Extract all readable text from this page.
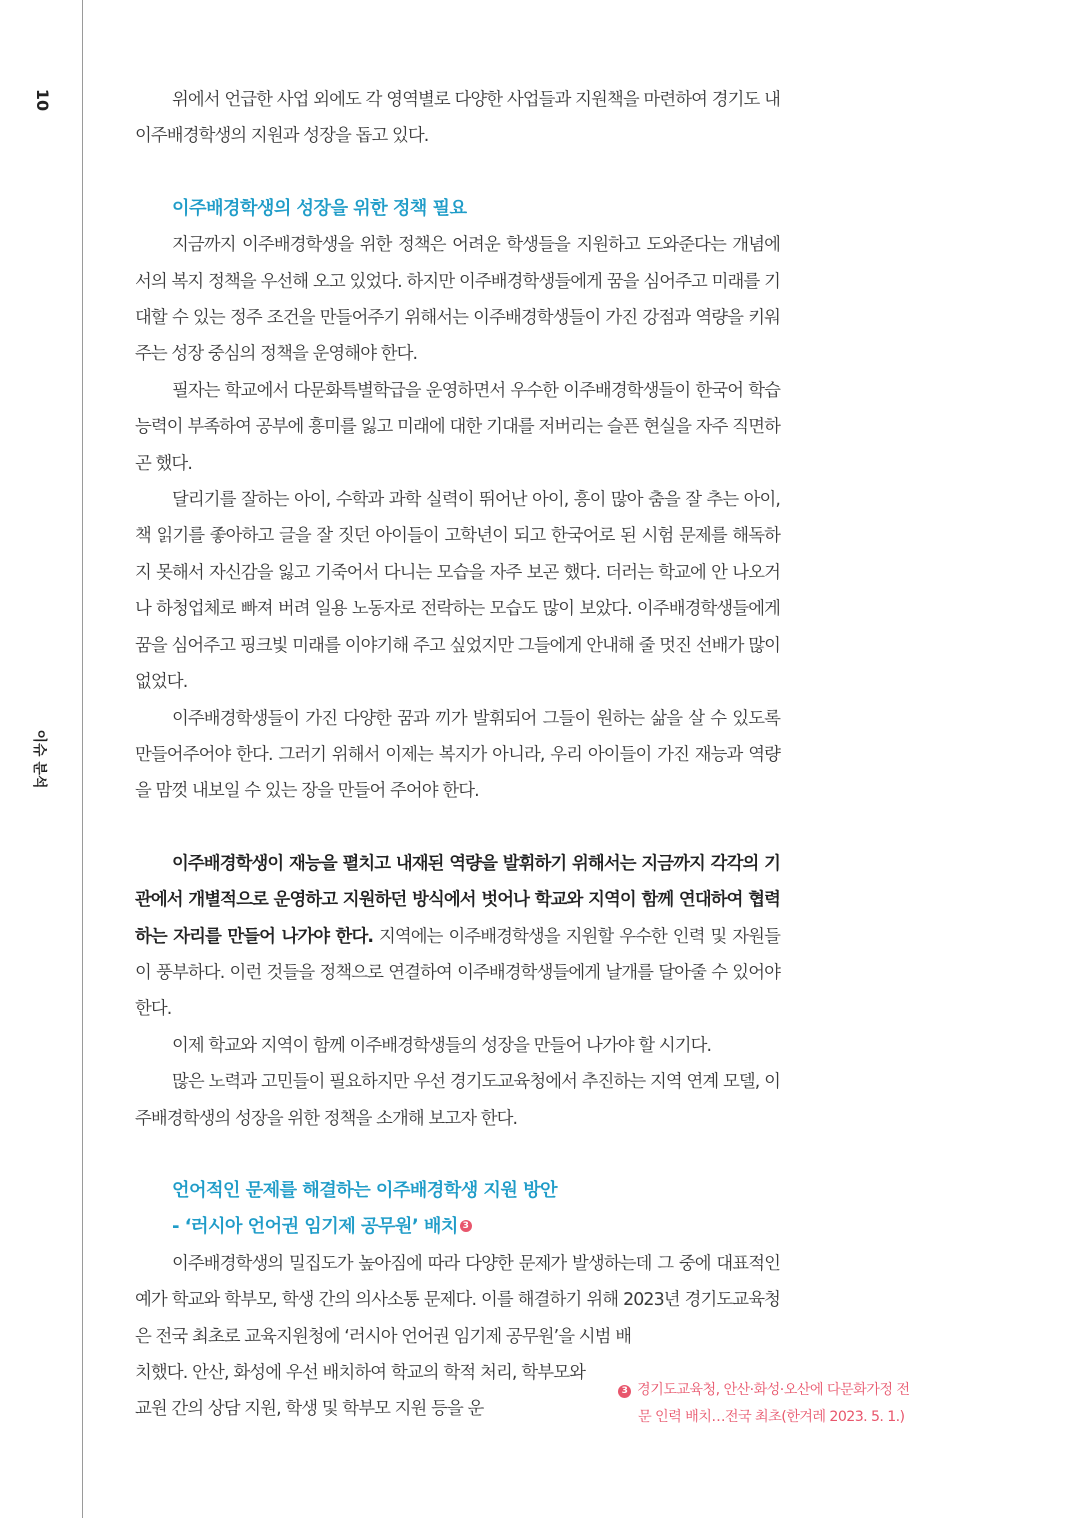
10
이슈 분석

위에서 언급한 사업 외에도 각 영역별로 다양한 사업들과 지원책을 마련하여 경기도 내 이주배경학생의 지원과 성장을 돕고 있다.

이주배경학생의 성장을 위한 정책 필요

지금까지 이주배경학생을 위한 정책은 어려운 학생들을 지원하고 도와준다는 개념에서의 복지 정책을 우선해 오고 있었다. 하지만 이주배경학생들에게 꿈을 심어주고 미래를 기대할 수 있는 정주 조건을 만들어주기 위해서는 이주배경학생들이 가진 강점과 역량을 키워주는 성장 중심의 정책을 운영해야 한다.

필자는 학교에서 다문화특별학급을 운영하면서 우수한 이주배경학생들이 한국어 학습 능력이 부족하여 공부에 흥미를 잃고 미래에 대한 기대를 저버리는 슬픈 현실을 자주 직면하곤 했다.

달리기를 잘하는 아이, 수학과 과학 실력이 뛰어난 아이, 흥이 많아 춤을 잘 추는 아이, 책 읽기를 좋아하고 글을 잘 짓던 아이들이 고학년이 되고 한국어로 된 시험 문제를 해독하지 못해서 자신감을 잃고 기죽어서 다니는 모습을 자주 보곤 했다. 더러는 학교에 안 나오거나 하청업체로 빠져 버려 일용 노동자로 전락하는 모습도 많이 보았다. 이주배경학생들에게 꿈을 심어주고 핑크빛 미래를 이야기해 주고 싶었지만 그들에게 안내해 줄 멋진 선배가 많이 없었다.

이주배경학생들이 가진 다양한 꿈과 끼가 발휘되어 그들이 원하는 삶을 살 수 있도록 만들어주어야 한다. 그러기 위해서 이제는 복지가 아니라, 우리 아이들이 가진 재능과 역량을 맘껏 내보일 수 있는 장을 만들어 주어야 한다.

이주배경학생이 재능을 펼치고 내재된 역량을 발휘하기 위해서는 지금까지 각각의 기관에서 개별적으로 운영하고 지원하던 방식에서 벗어나 학교와 지역이 함께 연대하여 협력하는 자리를 만들어 나가야 한다. 지역에는 이주배경학생을 지원할 우수한 인력 및 자원들이 풍부하다. 이런 것들을 정책으로 연결하여 이주배경학생들에게 날개를 달아줄 수 있어야 한다.

이제 학교와 지역이 함께 이주배경학생들의 성장을 만들어 나가야 할 시기다.

많은 노력과 고민들이 필요하지만 우선 경기도교육청에서 추진하는 지역 연계 모델, 이주배경학생의 성장을 위한 정책을 소개해 보고자 한다.

언어적인 문제를 해결하는 이주배경학생 지원 방안
- ‘러시아 언어권 임기제 공무원’ 배치 3

이주배경학생의 밀집도가 높아짐에 따라 다양한 문제가 발생하는데 그 중에 대표적인 예가 학교와 학부모, 학생 간의 의사소통 문제다. 이를 해결하기 위해 2023년 경기도교육청은 전국 최초로 교육지원청에 ‘러시아 언어권 임기제 공무원’을 시범 배

치했다. 안산, 화성에 우선 배치하여 학교의 학적 처리, 학부모와 교원 간의 상담 지원, 학생 및 학부모 지원 등을 운

3 경기도교육청, 안산·화성·오산에 다문화가정 전
문 인력 배치…전국 최초(한겨레 2023. 5. 1.)
